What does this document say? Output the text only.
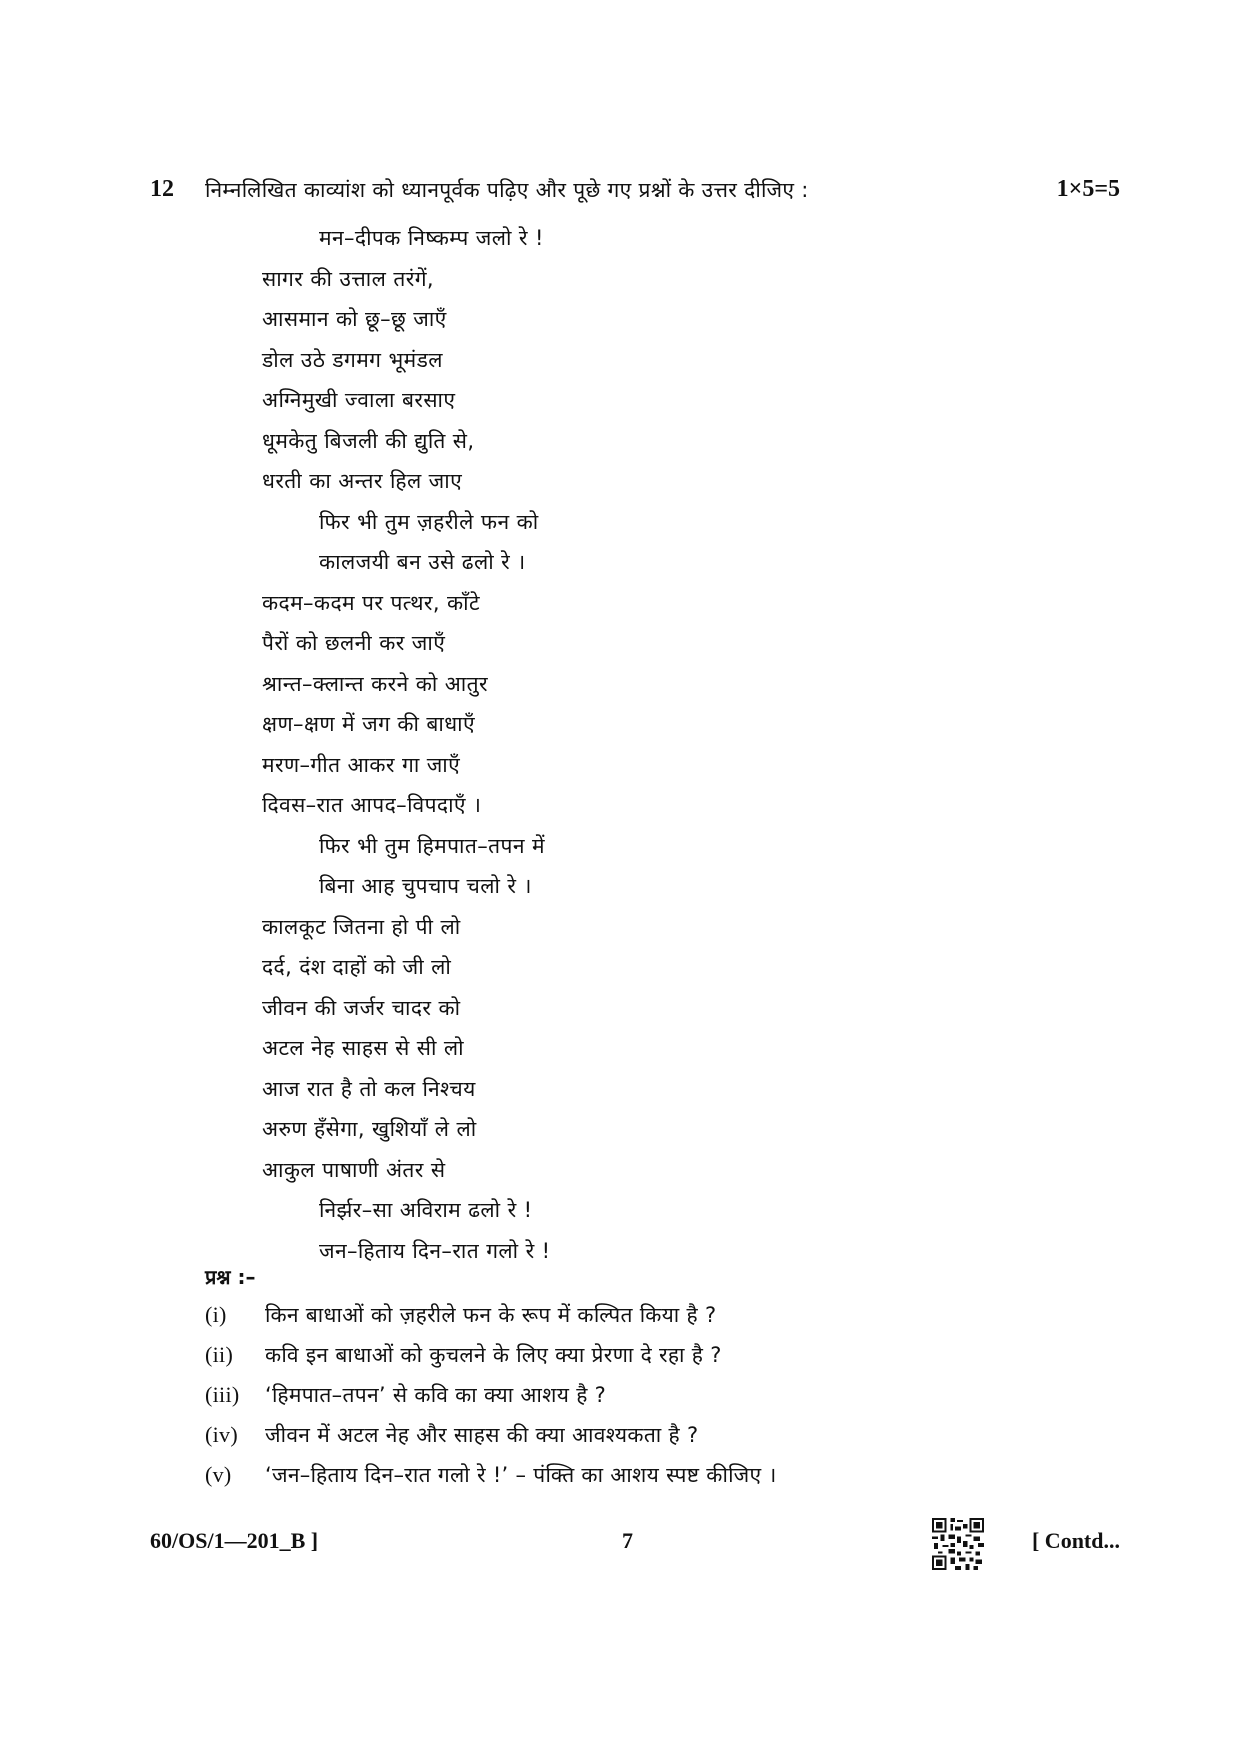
12 निम्नलिखित काव्यांश को ध्यानपूर्वक पढ़िए और पूछे गए प्रश्नों के उत्तर दीजिए :	1×5=5
मन–दीपक निष्कम्प जलो रे !
सागर की उत्ताल तरंगें,
आसमान को छू–छू जाएँ
डोल उठे डगमग भूमंडल
अग्निमुखी ज्वाला बरसाए
धूमकेतु बिजली की द्युति से,
धरती का अन्तर हिल जाए
फिर भी तुम ज़हरीले फन को
कालजयी बन उसे ढलो रे ।
कदम–कदम पर पत्थर, काँटे
पैरों को छलनी कर जाएँ
श्रान्त–क्लान्त करने को आतुर
क्षण–क्षण में जग की बाधाएँ
मरण–गीत आकर गा जाएँ
दिवस–रात आपद–विपदाएँ ।
फिर भी तुम हिमपात–तपन में
बिना आह चुपचाप चलो रे ।
कालकूट जितना हो पी लो
दर्द, दंश दाहों को जी लो
जीवन की जर्जर चादर को
अटल नेह साहस से सी लो
आज रात है तो कल निश्चय
अरुण हँसेगा, खुशियाँ ले लो
आकुल पाषाणी अंतर से
निर्झर–सा अविराम ढलो रे !
जन–हिताय दिन–रात गलो रे !
प्रश्न :–
(i) किन बाधाओं को ज़हरीले फन के रूप में कल्पित किया है ?
(ii) कवि इन बाधाओं को कुचलने के लिए क्या प्रेरणा दे रहा है ?
(iii) ‘हिमपात–तपन’ से कवि का क्या आशय है ?
(iv) जीवन में अटल नेह और साहस की क्या आवश्यकता है ?
(v) ‘जन–हिताय दिन–रात गलो रे !’ – पंक्ति का आशय स्पष्ट कीजिए ।
60/OS/1—201_B ]	7	[ Contd...
